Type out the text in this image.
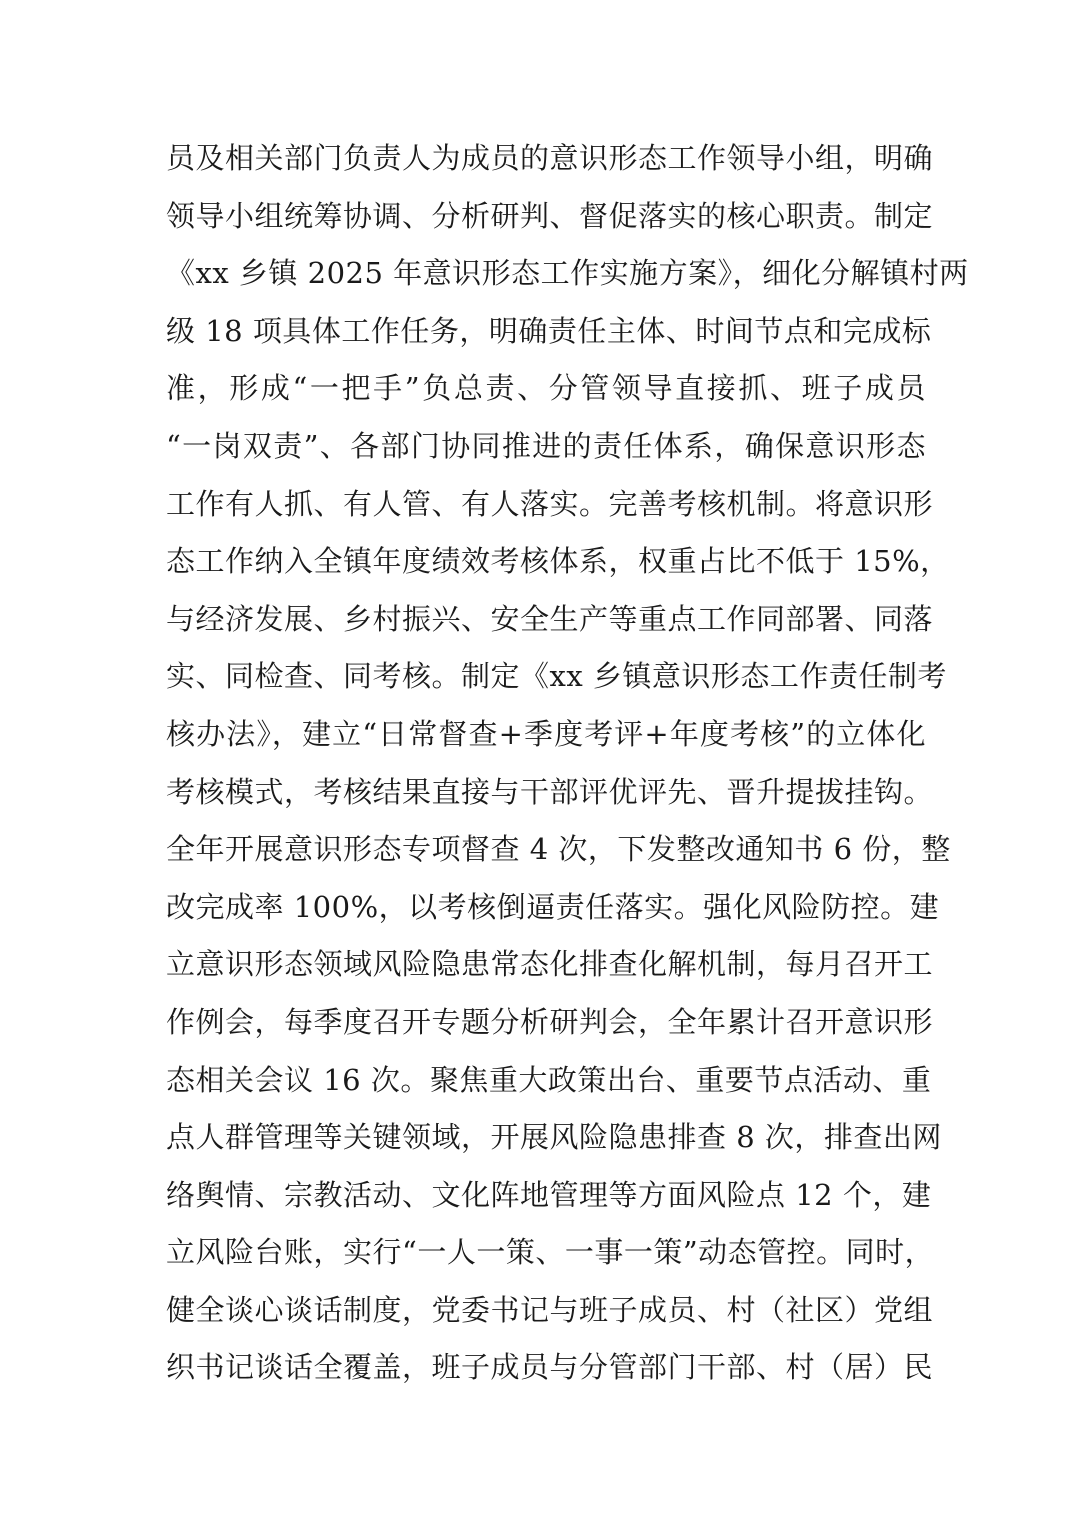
员及相关部门负责人为成员的意识形态工作领导小组，明确
领导小组统筹协调、分析研判、督促落实的核心职责。制定
《xx 乡镇 2025 年意识形态工作实施方案》，细化分解镇村两
级 18 项具体工作任务，明确责任主体、时间节点和完成标
准，形成“一把手”负总责、分管领导直接抓、班子成员
“一岗双责”、各部门协同推进的责任体系，确保意识形态
工作有人抓、有人管、有人落实。完善考核机制。将意识形
态工作纳入全镇年度绩效考核体系，权重占比不低于 15%，
与经济发展、乡村振兴、安全生产等重点工作同部署、同落
实、同检查、同考核。制定《xx 乡镇意识形态工作责任制考
核办法》，建立“日常督查+季度考评+年度考核”的立体化
考核模式，考核结果直接与干部评优评先、晋升提拔挂钩。
全年开展意识形态专项督查 4 次，下发整改通知书 6 份，整
改完成率 100%，以考核倒逼责任落实。强化风险防控。建
立意识形态领域风险隐患常态化排查化解机制，每月召开工
作例会，每季度召开专题分析研判会，全年累计召开意识形
态相关会议 16 次。聚焦重大政策出台、重要节点活动、重
点人群管理等关键领域，开展风险隐患排查 8 次，排查出网
络舆情、宗教活动、文化阵地管理等方面风险点 12 个，建
立风险台账，实行“一人一策、一事一策”动态管控。同时，
健全谈心谈话制度，党委书记与班子成员、村（社区）党组
织书记谈话全覆盖，班子成员与分管部门干部、村（居）民
